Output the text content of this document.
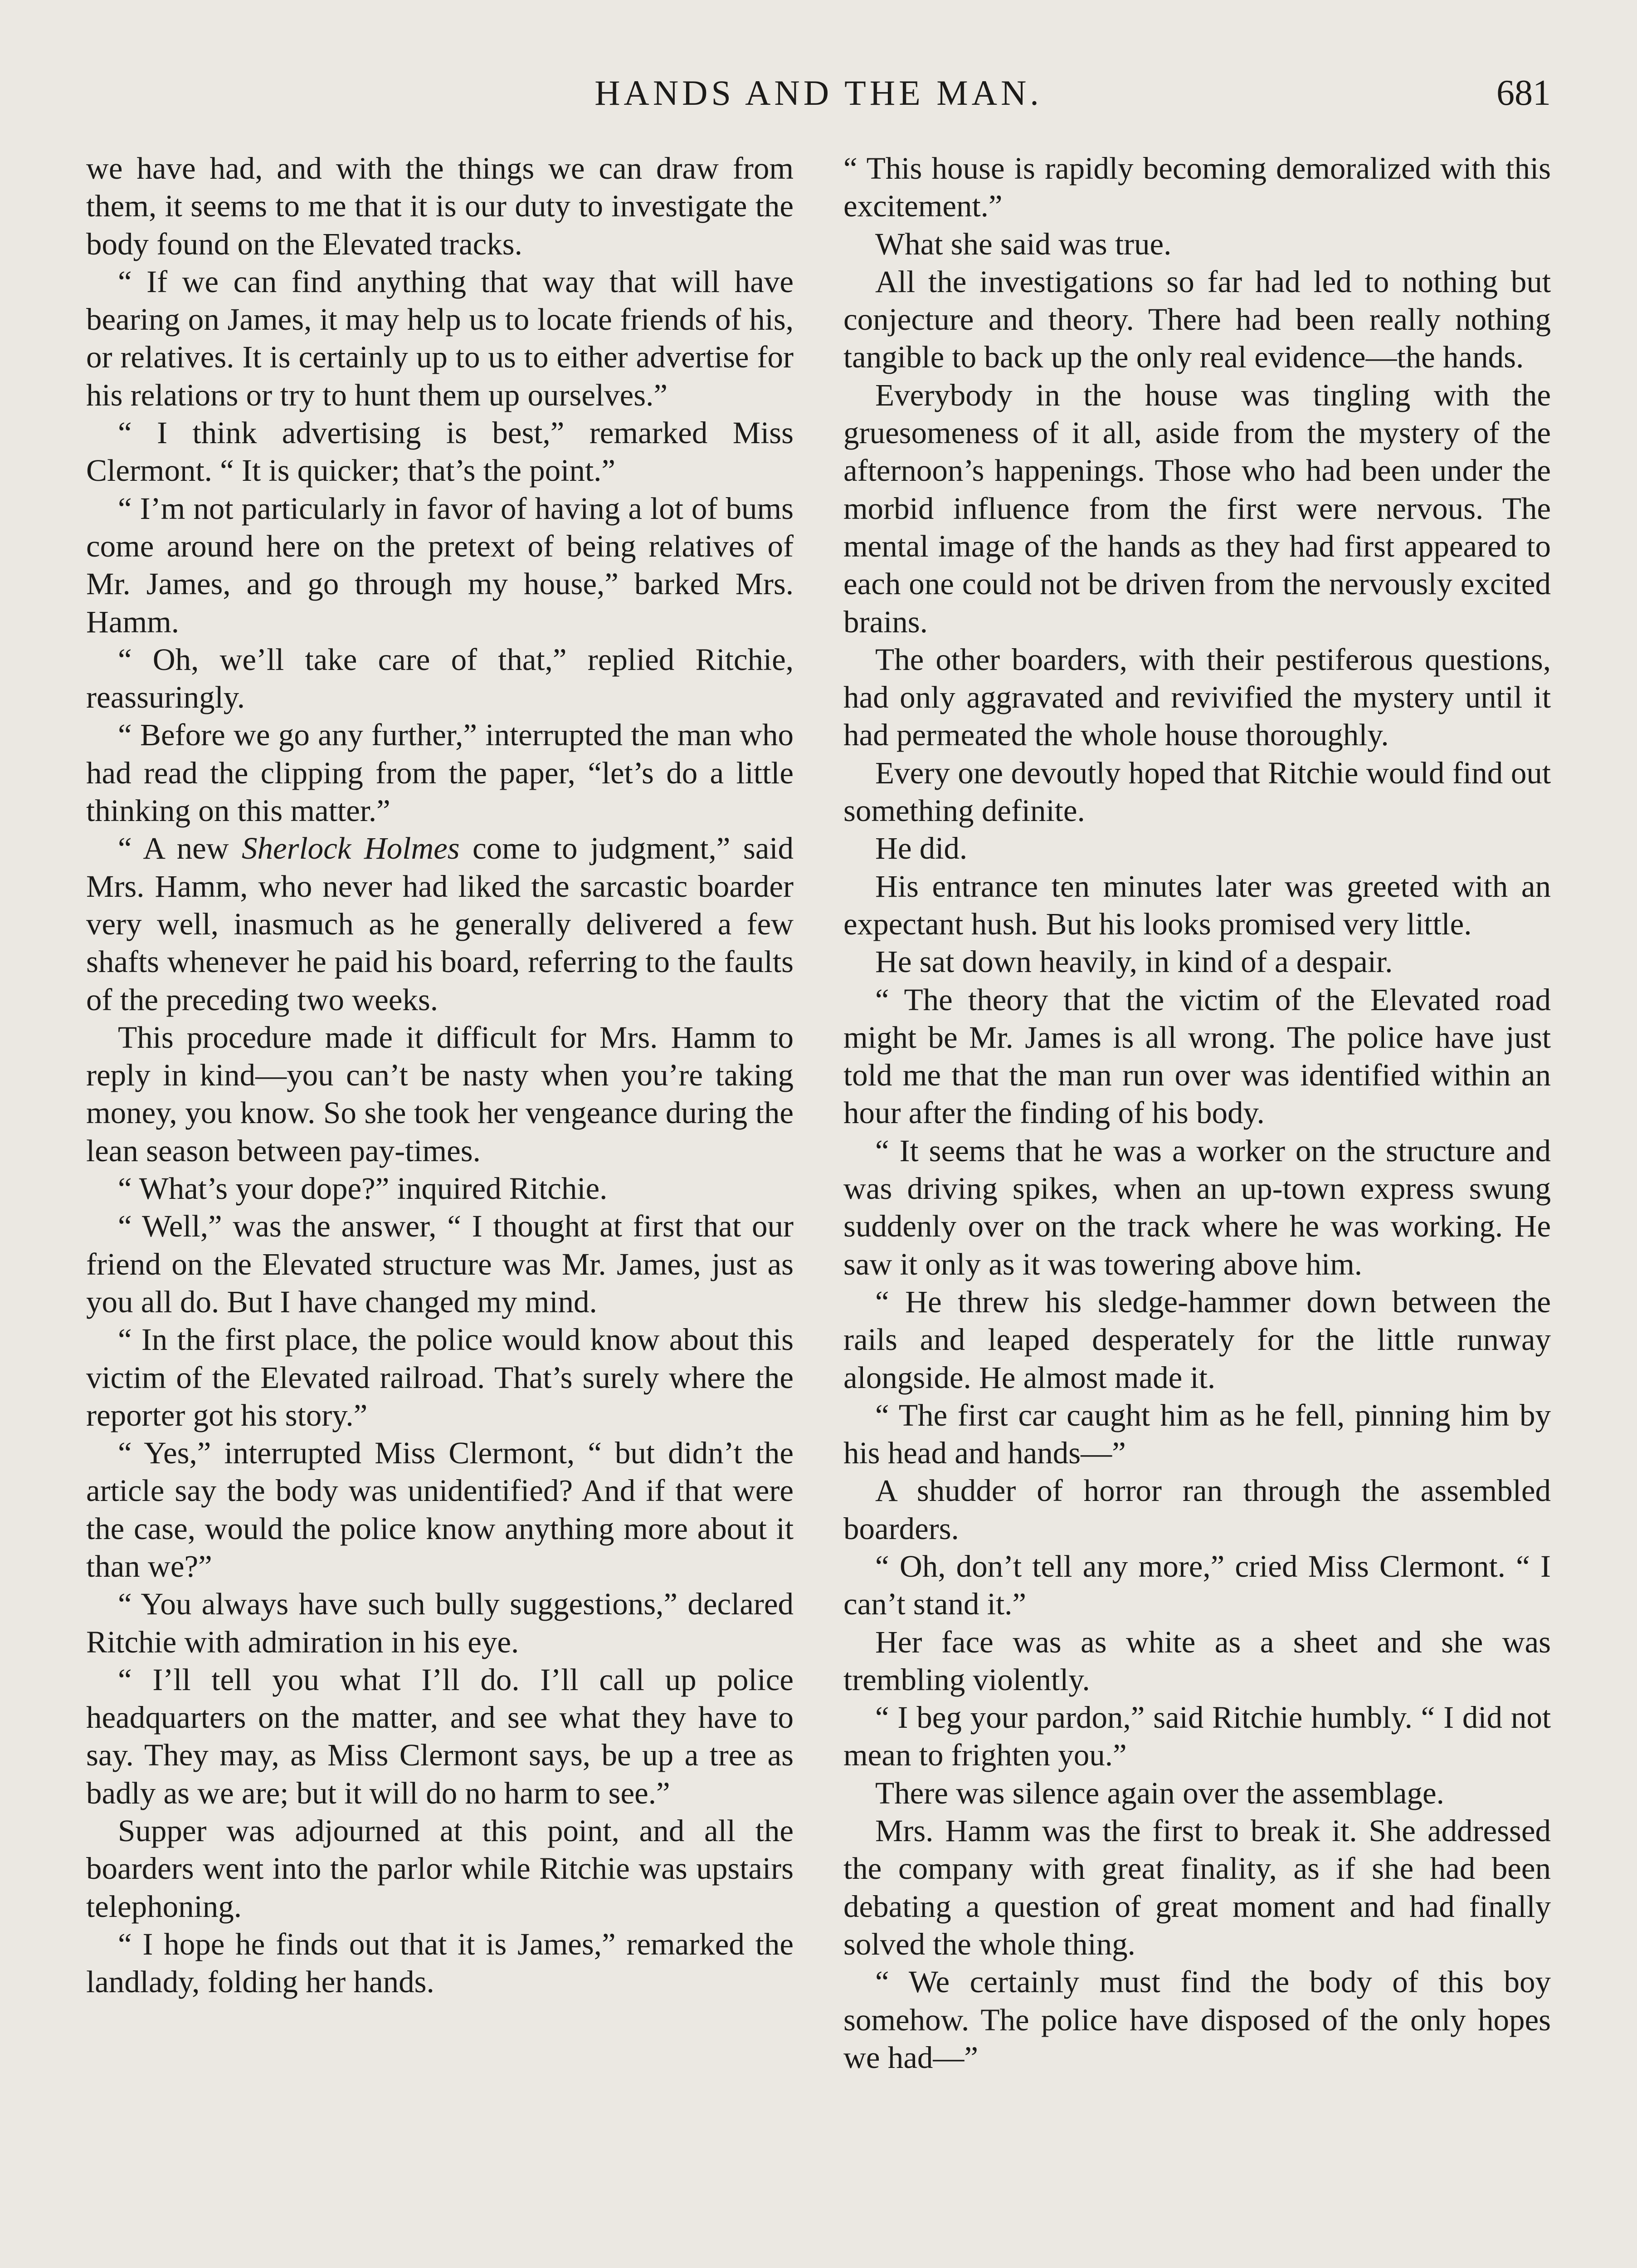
HANDS AND THE MAN.	681

we have had, and with the things we can draw from them, it seems to me that it is our duty to investigate the body found on the Elevated tracks.

“ If we can find anything that way that will have bearing on James, it may help us to locate friends of his, or relatives. It is certainly up to us to either advertise for his relations or try to hunt them up ourselves.”

“ I think advertising is best,” remarked Miss Clermont. “ It is quicker; that’s the point.”

“ I’m not particularly in favor of having a lot of bums come around here on the pretext of being relatives of Mr. James, and go through my house,” barked Mrs. Hamm.

“ Oh, we’ll take care of that,” replied Ritchie, reassuringly.

“ Before we go any further,” interrupted the man who had read the clipping from the paper, “let’s do a little thinking on this matter.”

“ A new Sherlock Holmes come to judgment,” said Mrs. Hamm, who never had liked the sarcastic boarder very well, inasmuch as he generally delivered a few shafts whenever he paid his board, referring to the faults of the preceding two weeks.

This procedure made it difficult for Mrs. Hamm to reply in kind—you can’t be nasty when you’re taking money, you know. So she took her vengeance during the lean season between pay-times.

“ What’s your dope?” inquired Ritchie.

“ Well,” was the answer, “ I thought at first that our friend on the Elevated structure was Mr. James, just as you all do. But I have changed my mind.

“ In the first place, the police would know about this victim of the Elevated railroad. That’s surely where the reporter got his story.”

“ Yes,” interrupted Miss Clermont, “ but didn’t the article say the body was unidentified? And if that were the case, would the police know anything more about it than we?”

“ You always have such bully suggestions,” declared Ritchie with admiration in his eye.

“ I’ll tell you what I’ll do. I’ll call up police headquarters on the matter, and see what they have to say. They may, as Miss Clermont says, be up a tree as badly as we are; but it will do no harm to see.”

Supper was adjourned at this point, and all the boarders went into the parlor while Ritchie was upstairs telephoning.

“ I hope he finds out that it is James,” remarked the landlady, folding her hands.

“ This house is rapidly becoming demoralized with this excitement.”

What she said was true.

All the investigations so far had led to nothing but conjecture and theory. There had been really nothing tangible to back up the only real evidence—the hands.

Everybody in the house was tingling with the gruesomeness of it all, aside from the mystery of the afternoon’s happenings. Those who had been under the morbid influence from the first were nervous. The mental image of the hands as they had first appeared to each one could not be driven from the nervously excited brains.

The other boarders, with their pestiferous questions, had only aggravated and revivified the mystery until it had permeated the whole house thoroughly.

Every one devoutly hoped that Ritchie would find out something definite.

He did.

His entrance ten minutes later was greeted with an expectant hush. But his looks promised very little.

He sat down heavily, in kind of a despair.

“ The theory that the victim of the Elevated road might be Mr. James is all wrong. The police have just told me that the man run over was identified within an hour after the finding of his body.

“ It seems that he was a worker on the structure and was driving spikes, when an up-town express swung suddenly over on the track where he was working. He saw it only as it was towering above him.

“ He threw his sledge-hammer down between the rails and leaped desperately for the little runway alongside. He almost made it.

“ The first car caught him as he fell, pinning him by his head and hands—”

A shudder of horror ran through the assembled boarders.

“ Oh, don’t tell any more,” cried Miss Clermont. “ I can’t stand it.”

Her face was as white as a sheet and she was trembling violently.

“ I beg your pardon,” said Ritchie humbly. “ I did not mean to frighten you.”

There was silence again over the assemblage.

Mrs. Hamm was the first to break it. She addressed the company with great finality, as if she had been debating a question of great moment and had finally solved the whole thing.

“ We certainly must find the body of this boy somehow. The police have disposed of the only hopes we had—”
